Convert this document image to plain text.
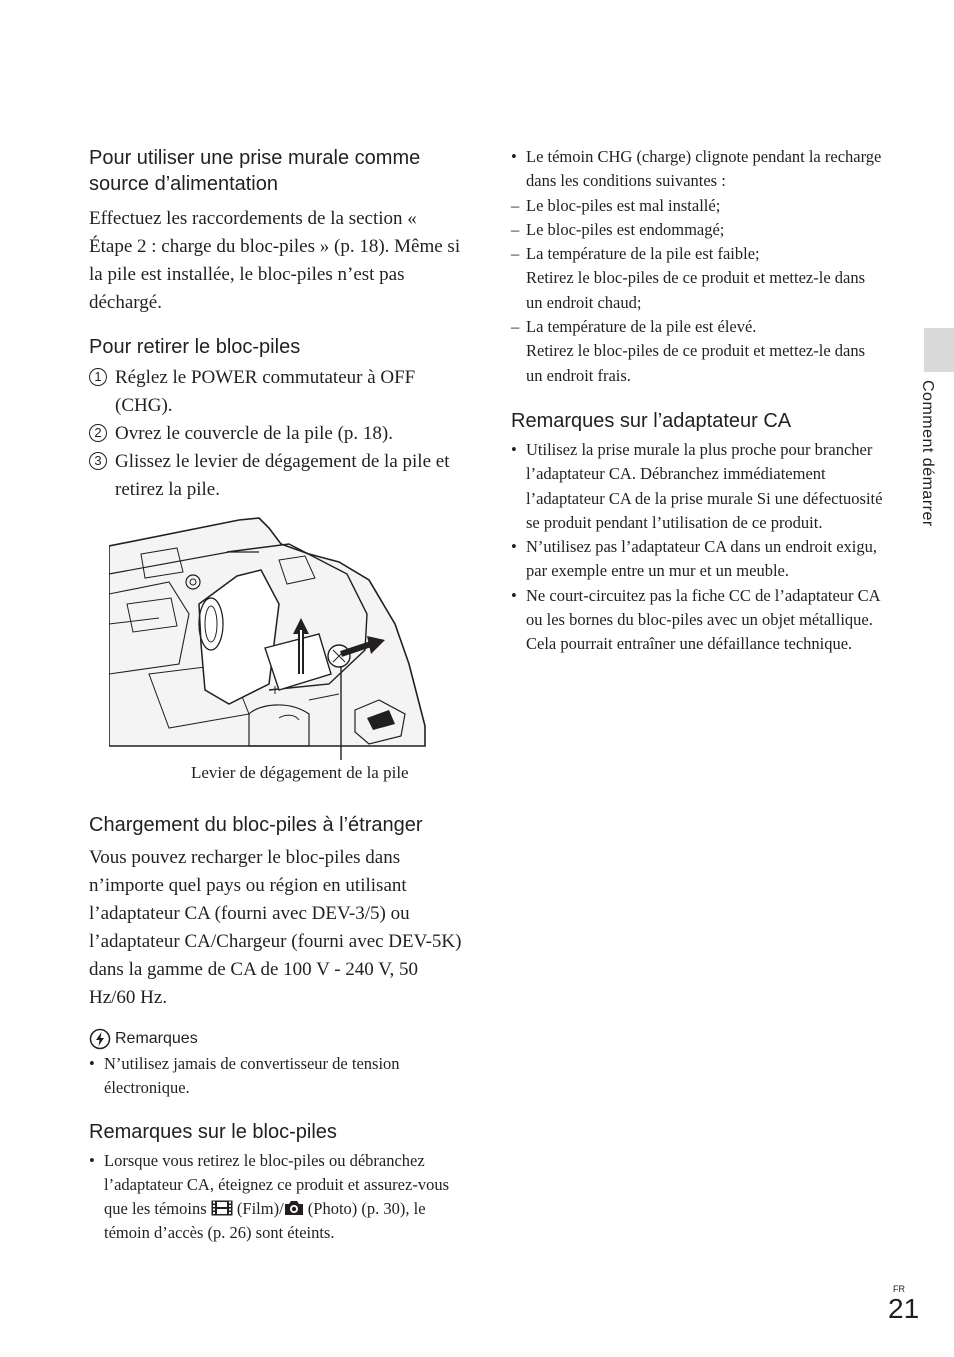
Pour utiliser une prise murale comme source d’alimentation

Effectuez les raccordements de la section « Étape 2 : charge du bloc-piles » (p. 18). Même si la pile est installée, le bloc-piles n’est pas déchargé.

Pour retirer le bloc-piles
1 Réglez le POWER commutateur à OFF (CHG).
2 Ovrez le couvercle de la pile (p. 18).
3 Glissez le levier de dégagement de la pile et retirez la pile.
Levier de dégagement de la pile
Chargement du bloc-piles à l’étranger

Vous pouvez recharger le bloc-piles dans n’importe quel pays ou région en utilisant l’adaptateur CA (fourni avec DEV-3/5) ou l’adaptateur CA/Chargeur (fourni avec DEV-5K) dans la gamme de CA de 100 V - 240 V, 50 Hz/60 Hz.

Remarques
• N’utilisez jamais de convertisseur de tension électronique.
Remarques sur le bloc-piles
• Lorsque vous retirez le bloc-piles ou débranchez l’adaptateur CA, éteignez ce produit et assurez-vous que les témoins (Film)/ (Photo) (p. 30), le témoin d’accès (p. 26) sont éteints.
• Le témoin CHG (charge) clignote pendant la recharge dans les conditions suivantes :
– Le bloc-piles est mal installé;
– Le bloc-piles est endommagé;
– La température de la pile est faible;
Retirez le bloc-piles de ce produit et mettez-le dans un endroit chaud;
– La température de la pile est élevé.
Retirez le bloc-piles de ce produit et mettez-le dans un endroit frais.
Remarques sur l’adaptateur CA
• Utilisez la prise murale la plus proche pour brancher l’adaptateur CA. Débranchez immédiatement l’adaptateur CA de la prise murale Si une défectuosité se produit pendant l’utilisation de ce produit.
• N’utilisez pas l’adaptateur CA dans un endroit exigu, par exemple entre un mur et un meuble.
• Ne court-circuitez pas la fiche CC de l’adaptateur CA ou les bornes du bloc-piles avec un objet métallique. Cela pourrait entraîner une défaillance technique.
Comment démarrer
FR
21
